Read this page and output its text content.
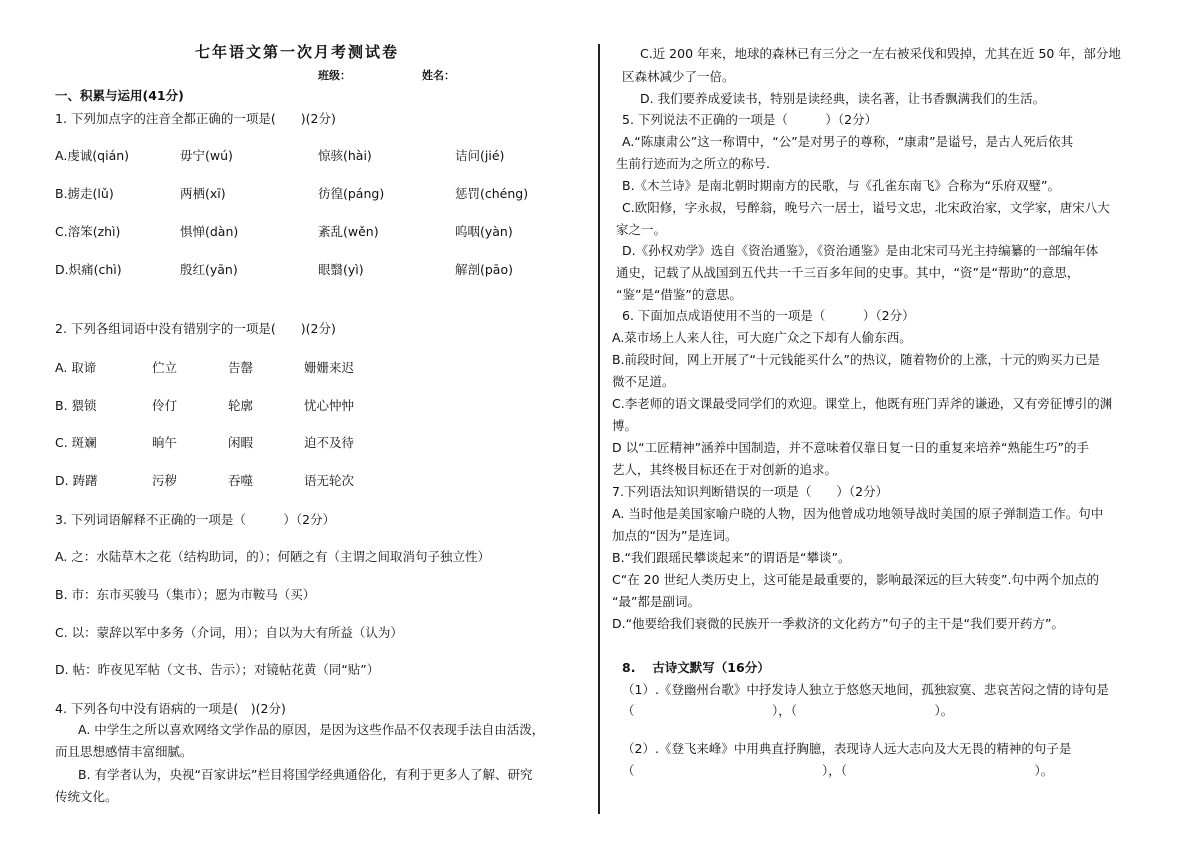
七年语文第一次月考测试卷
班级：	姓名：
一、积累与运用(41分)
1. 下列加点字的注音全都正确的一项是(　　)(2分)
A.虔诚(qián)	毋宁(wú)	惊骇(hài)	诘问(jié)
B.掳走(lǔ)	两栖(xī)	彷徨(páng)	惩罚(chéng)
C.溶笨(zhì)	惧惮(dàn)	紊乱(wěn)	呜咽(yàn)
D.炽痛(chì)	殷红(yān)	眼翳(yì)	解剖(pāo)
2. 下列各组词语中没有错别字的一项是(　　)(2分)
A. 取谛	伫立	告罄	姗姗来迟
B. 猥锁	伶仃	轮廓	忧心忡忡
C. 斑斓	晌午	闲暇	迫不及待
D. 踌躇	污秽	吞噬	语无轮次
3. 下列词语解释不正确的一项是（　　　）（2分）
A. 之：水陆草木之花（结构助词，的）；何陋之有（主谓之间取消句子独立性）
B. 市：东市买骏马（集市）；愿为市鞍马（买）
C. 以：蒙辞以军中多务（介词，用）；自以为大有所益（认为）
D. 帖：昨夜见军帖（文书、告示）；对镜帖花黄（同“贴”）
4. 下列各句中没有语病的一项是(　)(2分)
A. 中学生之所以喜欢网络文学作品的原因，是因为这些作品不仅表现手法自由活泼，
而且思想感情丰富细腻。
B. 有学者认为，央视“百家讲坛”栏目将国学经典通俗化，有利于更多人了解、研究
传统文化。
C.近 200 年来，地球的森林已有三分之一左右被采伐和毁掉，尤其在近 50 年，部分地
区森林减少了一倍。
D. 我们要养成爱读书，特别是读经典，读名著，让书香飘满我们的生活。
5. 下列说法不正确的一项是（　　　）（2分）
A.“陈康肃公”这一称谓中，“公”是对男子的尊称，“康肃”是谥号，是古人死后依其
生前行迹而为之所立的称号.
B.《木兰诗》是南北朝时期南方的民歌，与《孔雀东南飞》合称为“乐府双璧”。
C.欧阳修，字永叔，号醉翁，晚号六一居士，谥号文忠，北宋政治家，文学家，唐宋八大
家之一。
D.《孙权劝学》选自《资治通鉴》，《资治通鉴》是由北宋司马光主持编纂的一部编年体
通史，记载了从战国到五代共一千三百多年间的史事。其中，“资”是“帮助”的意思，
“鉴”是“借鉴”的意思。
6. 下面加点成语使用不当的一项是（　　　）（2分）
A.菜市场上人来人往，可大庭广众之下却有人偷东西。
B.前段时间，网上开展了“十元钱能买什么”的热议，随着物价的上涨，十元的购买力已是
微不足道。
C.李老师的语文课最受同学们的欢迎。课堂上，他既有班门弄斧的谦逊，又有旁征博引的渊
博。
D 以“工匠精神”涵养中国制造，并不意味着仅靠日复一日的重复来培养“熟能生巧”的手
艺人，其终极目标还在于对创新的追求。
7.下列语法知识判断错误的一项是（　　）（2分）
A. 当时他是美国家喻户晓的人物，因为他曾成功地领导战时美国的原子弹制造工作。句中
加点的“因为”是连词。
B.“我们跟瑶民攀谈起来”的谓语是“攀谈”。
C“在 20 世纪人类历史上，这可能是最重要的，影响最深远的巨大转变”.句中两个加点的
“最”都是副词。
D.“他要给我们衰微的民族开一季救济的文化药方”句子的主干是“我们要开药方”。
8.　 古诗文默写（16分）
（1）.《登幽州台歌》中抒发诗人独立于悠悠天地间，孤独寂寞、悲哀苦闷之情的诗句是
（　　　　　　　　　　　），（　　　　　　　　　　　）。
（2）.《登飞来峰》中用典直抒胸臆，表现诗人远大志向及大无畏的精神的句子是
（　　　　　　　　　　　　　　　），（　　　　　　　　　　　　　　　）。
